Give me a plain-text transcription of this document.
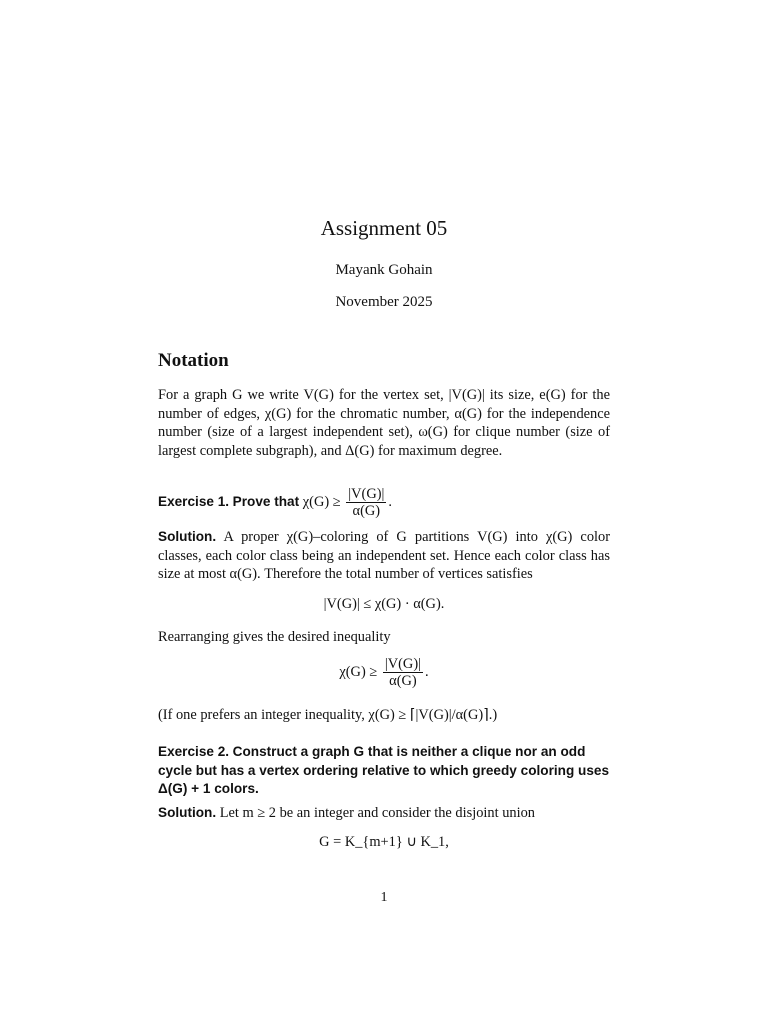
Assignment 05
Mayank Gohain
November 2025
Notation
For a graph G we write V(G) for the vertex set, |V(G)| its size, e(G) for the number of edges, χ(G) for the chromatic number, α(G) for the independence number (size of a largest independent set), ω(G) for clique number (size of largest complete subgraph), and Δ(G) for maximum degree.
Exercise 1. Prove that $\chi(G) \ge \frac{|V(G)|}{\alpha(G)}$ .
Solution. A proper χ(G)–coloring of G partitions V(G) into χ(G) color classes, each color class being an independent set. Hence each color class has size at most α(G). Therefore the total number of vertices satisfies
|V(G)| ≤ χ(G) · α(G).
Rearranging gives the desired inequality
$\chi(G) \ge \frac{|V(G)|}{\alpha(G)}$ .
(If one prefers an integer inequality, χ(G) ≥ ⌈|V(G)|/α(G)⌉.)
Exercise 2. Construct a graph G that is neither a clique nor an odd cycle but has a vertex ordering relative to which greedy coloring uses Δ(G) + 1 colors.
Solution. Let m ≥ 2 be an integer and consider the disjoint union
G = K_{m+1} ∪ K_1,
1
